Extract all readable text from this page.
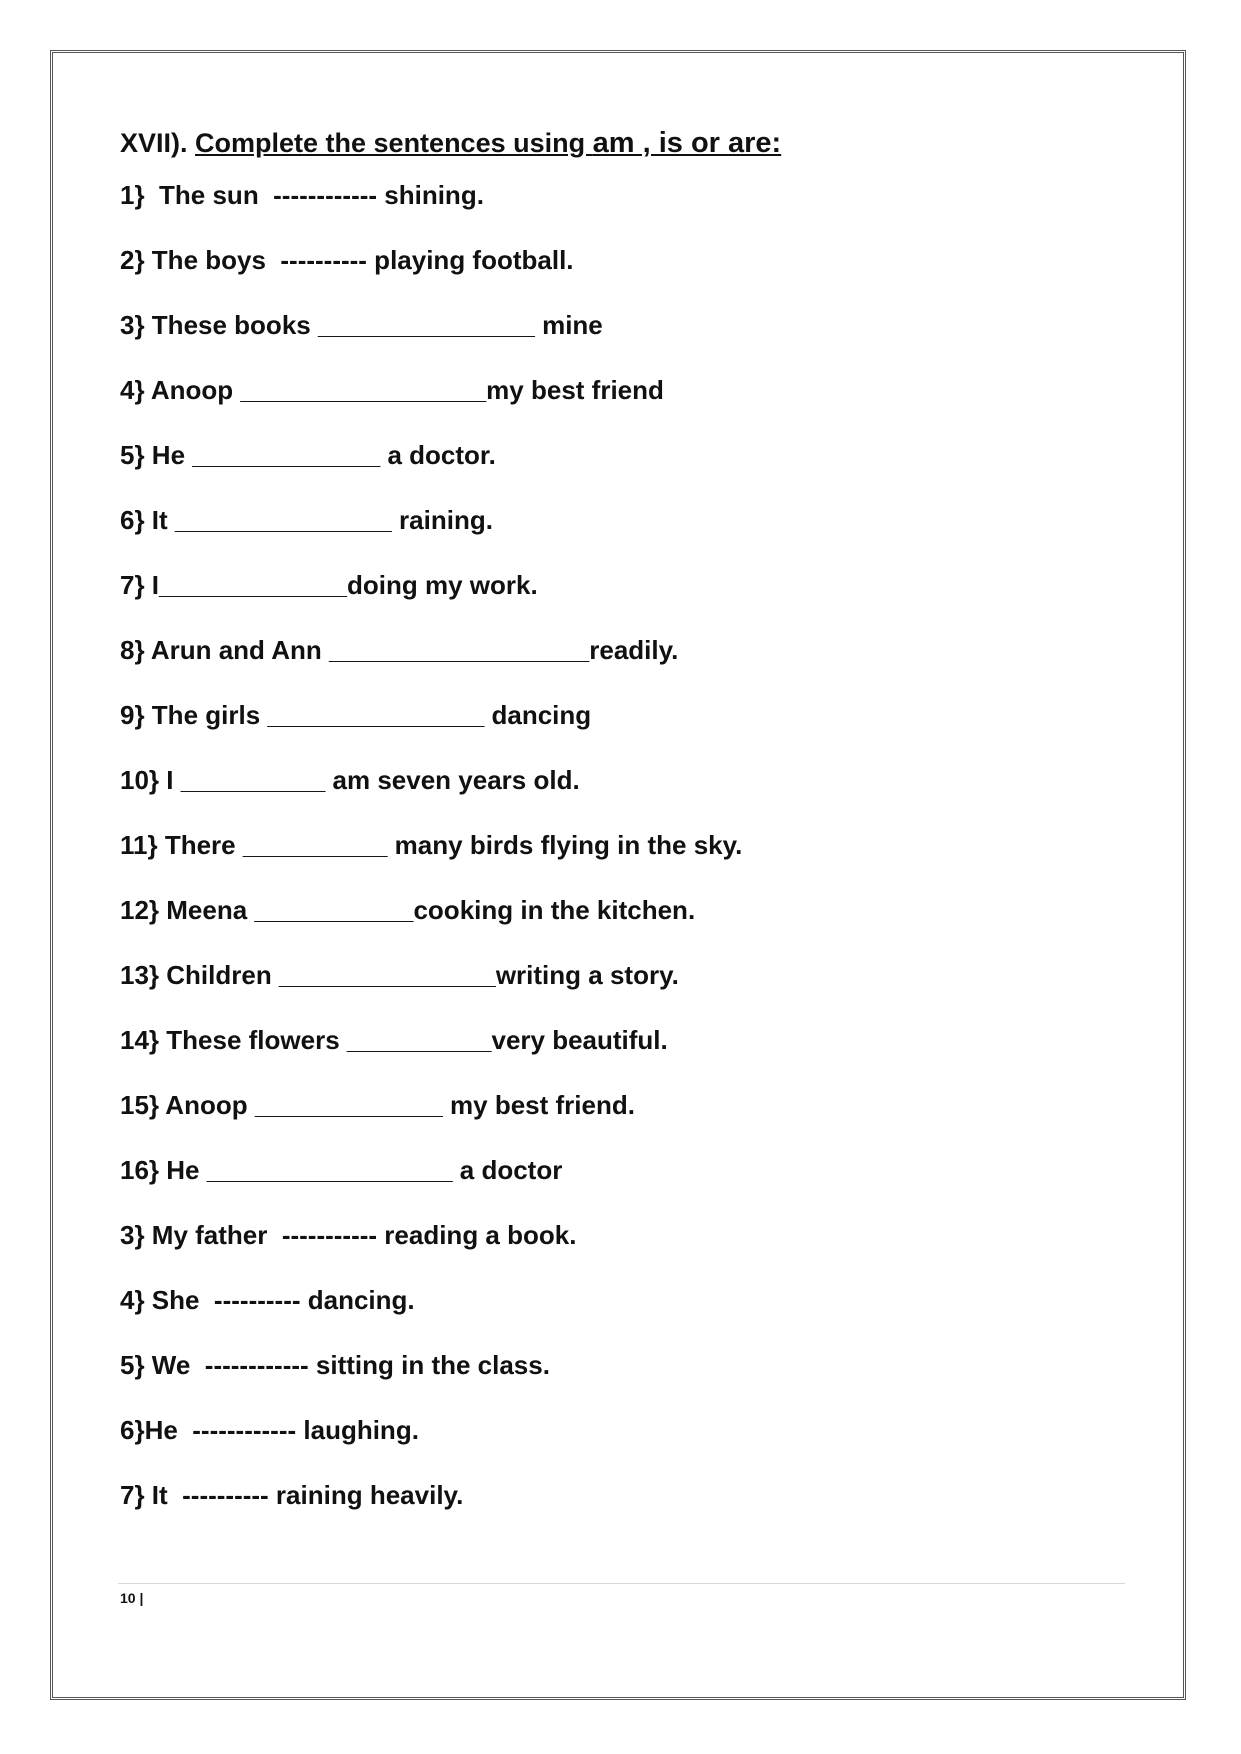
XVII). Complete the sentences using am , is or are:
1}  The sun  ------------ shining.
2} The boys  ---------- playing football.
3} These books _______________ mine
4} Anoop _________________my best friend
5} He _____________ a doctor.
6} It _______________ raining.
7} I_____________doing my work.
8} Arun and Ann __________________readily.
9} The girls _______________ dancing
10} I __________ am seven years old.
11} There __________ many birds flying in the sky.
12} Meena ___________cooking in the kitchen.
13} Children _______________writing a story.
14} These flowers __________very beautiful.
15} Anoop _____________ my best friend.
16} He _________________ a doctor
3} My father  ----------- reading a book.
4} She  ---------- dancing.
5} We  ------------ sitting in the class.
6}He  ------------ laughing.
7} It  ---------- raining heavily.
10 |
